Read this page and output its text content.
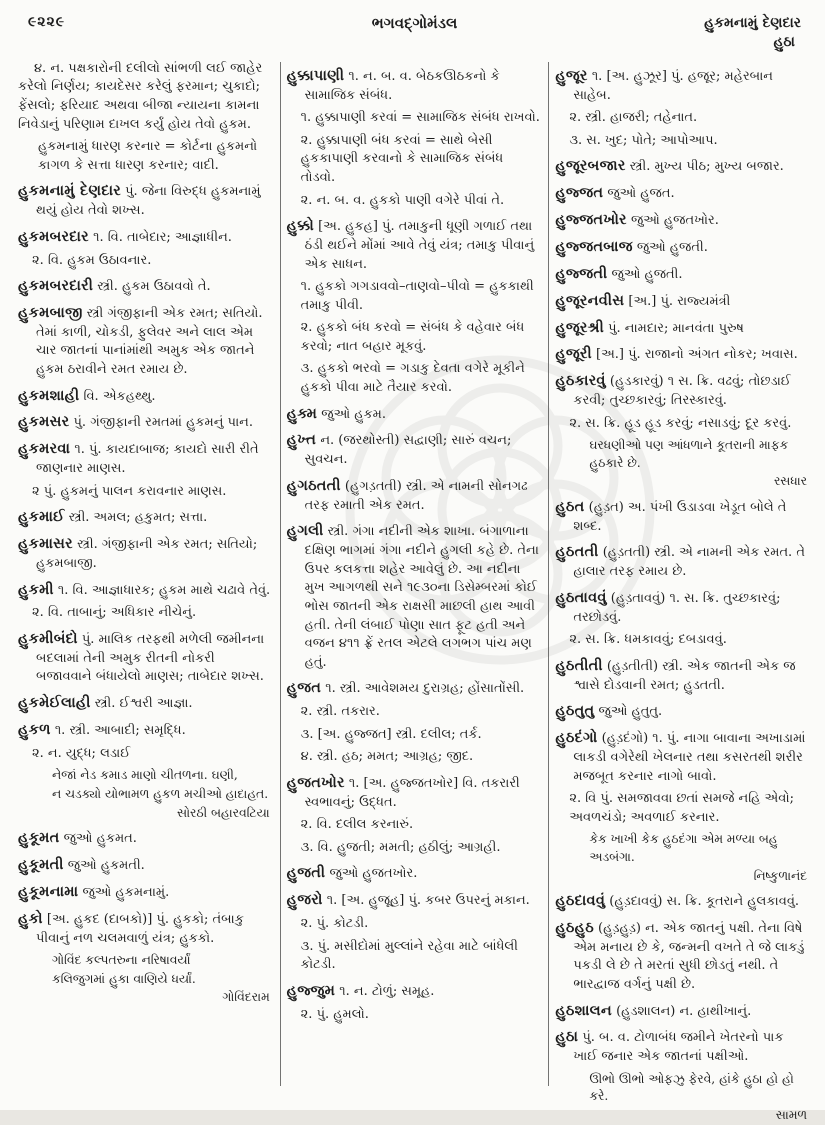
૯૨૨૯	ભગવદ્ગોમંડલ	હુકમનામું દેણદાર
હુઠા
૪. ન. પક્ષકારોની દલીલો સાંભળી લઈ જાહેર કરેલો નિર્ણય; કાયદેસર કરેલું ફરમાન; ચુકાદો; ફેંસલો; ફરિયાદ અથવા બીજા ન્યાયના કામના નિવેડાનું પરિણામ દાખલ કર્યું હોય તેવો હુકમ.
હુકમનામું ધારણ કરનાર = કોર્ટના હુકમનો કાગળ કે સત્તા ધારણ કરનાર; વાદી.
હુકમનામું દેણદાર પું. જેના વિરુદ્ધ હુકમનામું થયું હોય તેવો શખ્સ.
હુકમબરદાર ૧. વિ. તાબેદાર; આજ્ઞાધીન.
૨. વિ. હુકમ ઉઠાવનાર.
હુકમબરદારી સ્ત્રી. હુકમ ઉઠાવવો તે.
હુકમબાજી સ્ત્રી ગંજીફાની એક રમત; સતિયો. તેમાં કાળી, ચોકડી, ફુલેવર અને લાલ એમ ચાર જાતનાં પાનાંમાંથી અમુક એક જાતને હુકમ ઠરાવીને રમત રમાય છે.
હુકમશાહી વિ. એકહથ્થુ.
હુકમસર પું. ગંજીફાની રમતમાં હુકમનું પાન.
હુકમરવા ૧. પું. કાયદાબાજ; કાયદો સારી રીતે જાણનાર માણસ.
૨ પું. હુકમનું પાલન કરાવનાર માણસ.
હુકમાઈ સ્ત્રી. અમલ; હકુમત; સત્તા.
હુકમાસર સ્ત્રી. ગંજીફાની એક રમત; સતિયો; હુકમબાજી.
હુકમી ૧. વિ. આજ્ઞાધારક; હુકમ માથે ચઢાવે તેવું.
૨. વિ. તાબાનું; અધિકાર નીચેનું.
હુકમીબંદો પું. માલિક તરફથી મળેલી જમીનના બદલામાં તેની અમુક રીતની નોકરી બજાવવાને બંધાયેલો માણસ; તાબેદાર શખ્સ.
હુકમેઈલાહી સ્ત્રી. ઈશ્વરી આજ્ઞા.
હુકળ ૧. સ્ત્રી. આબાદી; સમૃદ્ધિ.
૨. ન. યુદ્ધ; લડાઈ
નેજાં નેડ કમાડ માણો ચીતળના. ઘણી,
ન ચડક્યો યોભામળ હુકળ મચીઓ હાદાહત.
સોરઠી બહારવટિયા
હુકૂમત જુઓ હુકમત.
હુકૂમતી જુઓ હુકમતી.
હુકૂમનામા જુઓ હુકમનામું.
હુકો [અ. હુકદ (દાબકો)] પું. હુકકો; તંબાકુ પીવાનું નળ ચલમવાળું યંત્ર; હુકકો.
ગોવિંદ કલ્પતરુના નરિષાવર્યાં
કલિજુગમાં હુકા વાણિયે ધર્યાં.
ગોવિંદરામ
હુક્કાપાણી ૧. ન. બ. વ. બેઠકઊઠકનો કે સામાજિક સંબંધ.
૧. હુક્કાપાણી કરવાં = સામાજિક સંબંધ રાખવો.
૨. હુક્કાપાણી બંધ કરવાં = સાથે બેસી હુકકાપાણી કરવાનો કે સામાજિક સંબંધ તોડવો.
૨. ન. બ. વ. હુકકો પાણી વગેરે પીવાં તે.
હુક્કો [અ. હુકહ] પું. તમાકુની ધૂણી ગળાઈ તથા ઠંડી થઈને મોંમાં આવે તેવું યંત્ર; તમાકુ પીવાનું એક સાધન.
૧. હુકકો ગગડાવવો–તાણવો–પીવો = હુકકાથી તમાકુ પીવી.
૨. હુકકો બંધ કરવો = સંબંધ કે વહેવાર બંધ કરવો; નાત બહાર મૂકવું.
૩. હુકકો ભરવો = ગડાકુ દેવતા વગેરે મૂકીને હુકકો પીવા માટે તૈયાર કરવો.
હુક્મ જુઓ હુકમ.
હુખ્ત ન. (જરથોસ્તી) સદ્વાણી; સારું વચન; સુવચન.
હુગઠતતી (હુગડ઼તતી) સ્ત્રી. એ નામની સોનગઢ તરફ રમાતી એક રમત.
હુગલી સ્ત્રી. ગંગા નદીની એક શાખા. બંગાળાના દક્ષિણ ભાગમાં ગંગા નદીને હુગલી કહે છે. તેના ઉપર કલકત્તા શહેર આવેલું છે. આ નદીના મુખ આગળથી સને ૧૯૩૦ના ડિસેમ્બરમાં કોઈ ભોસ જાતની એક રાક્ષસી માછલી હાથ આવી હતી. તેની લંબાઈ પોણા સાત ફૂટ હતી અને વજન ૪૧૧ ફ્રેં રતલ એટલે લગભગ પાંચ મણ હતું.
હુજત ૧. સ્ત્રી. આવેશમય દુરાગ્રહ; હોંસાતોંસી.
૨. સ્ત્રી. તકરાર.
૩. [અ. હુજ્જત] સ્ત્રી. દલીલ; તર્ક.
૪. સ્ત્રી. હઠ; મમત; આગ્રહ; જીદ.
હુજતખોર ૧. [અ. હુજ્જતખોર] વિ. તકરારી સ્વભાવનું; ઉદ્ધત.
૨. વિ. દલીલ કરનારું.
૩. વિ. હુજતી; મમતી; હઠીલું; આગ્રહી.
હુજતી જુઓ હુજતખોર.
હુજરો ૧. [અ. હુજૂહ] પું. કબર ઉપરનું મકાન.
૨. પું. કોટડી.
૩. પું. મસીદોમાં મુલ્લાંને રહેવા માટે બાંધેલી કોટડી.
હુજ્જુમ ૧. ન. ટોળું; સમૂહ.
૨. પું. હુમલો.
હુજૂર ૧. [અ. હુઝૂર] પું. હજૂર; મહેરબાન સાહેબ.
૨. સ્ત્રી. હાજરી; તહેનાત.
૩. સ. ખુદ; પોતે; આપોઆપ.
હુજૂરબજાર સ્ત્રી. મુખ્ય પીઠ; મુખ્ય બજાર.
હુજ્જત જુઓ હુજત.
હુજ્જતખોર જુઓ હુજતખોર.
હુજ્જતબાજ જુઓ હુજતી.
હુજ્જતી જુઓ હુજતી.
હુજૂરનવીસ [અ.] પું. રાજ્યમંત્રી
હુજૂરશ્રી પું. નામદાર; માનવંતા પુરુષ
હુજૂરી [અ.] પું. રાજાનો અંગત નોકર; ખવાસ.
હુઠકારવું (હુડકારવું) ૧ સ. ક્રિ. વઢવું; તોછડાઈ કરવી; તુચ્છકારવું; તિરસ્કારવું.
૨. સ. ક્રિ. હૂડ હૂડ કરવું; નસાડવું; દૂર કરવું.
ઘરધણીઓ પણ આંધળાને કૂતરાની માફક હુઠકારે છે.
રસધાર
હુઠત (હુડ઼ત) અ. પંખી ઉડાડવા ખેડૂત બોલે તે શબ્દ.
હુઠતતી (હુડ઼તતી) સ્ત્રી. એ નામની એક રમત. તે હાલાર તરફ રમાય છે.
હુઠતાવવું (હુડ઼તાવવું) ૧. સ. ક્રિ. તુચ્છકારવું; તરછોડવું.
૨. સ. ક્રિ. ધમકાવવું; દબડાવવું.
હુઠતીતી (હુડ઼તીતી) સ્ત્રી. એક જાતની એક જ શ્વાસે દોડવાની રમત; હુડતતી.
હુઠતુતુ જુઓ હુતુતુ.
હુઠદંગો (હુડ઼દંગો) ૧. પું. નાગા બાવાના અખાડામાં લાકડી વગેરેથી ખેલનાર તથા કસરતથી શરીર મજબૂત કરનાર નાગો બાવો.
૨. વિ પું. સમજાવવા છતાં સમજે નહિ એવો; અવળચંડો; અવળાઈ કરનાર.
કેક ખાખી કેક હુઠદંગા એમ મળ્યા બહુ અડબંગા.
નિષ્કુળાનંદ
હુઠદાવવું (હુડ઼દાવવું) સ. ક્રિ. કૂતરાને હુલકાવવું.
હુઠહુઠ (હુડ઼હુડ઼) ન. એક જાતનું પક્ષી. તેના વિષે એમ મનાય છે કે, જન્મની વખતે તે જે લાકડું પકડી લે છે તે મરતાં સુધી છોડતું નથી. તે ભારદ્વાજ વર્ગનું પક્ષી છે.
હુઠશાલન (હુડશાલન) ન. હાથીખાનું.
હુઠા પું. બ. વ. ટોળાબંધ જમીને ખેતરનો પાક ખાઈ જનાર એક જાતનાં પક્ષીઓ.
ઊભો ઊભો ઓફઝુ ફેરવે, હાંકે હુઠા હો હો કરે.
સામળ
